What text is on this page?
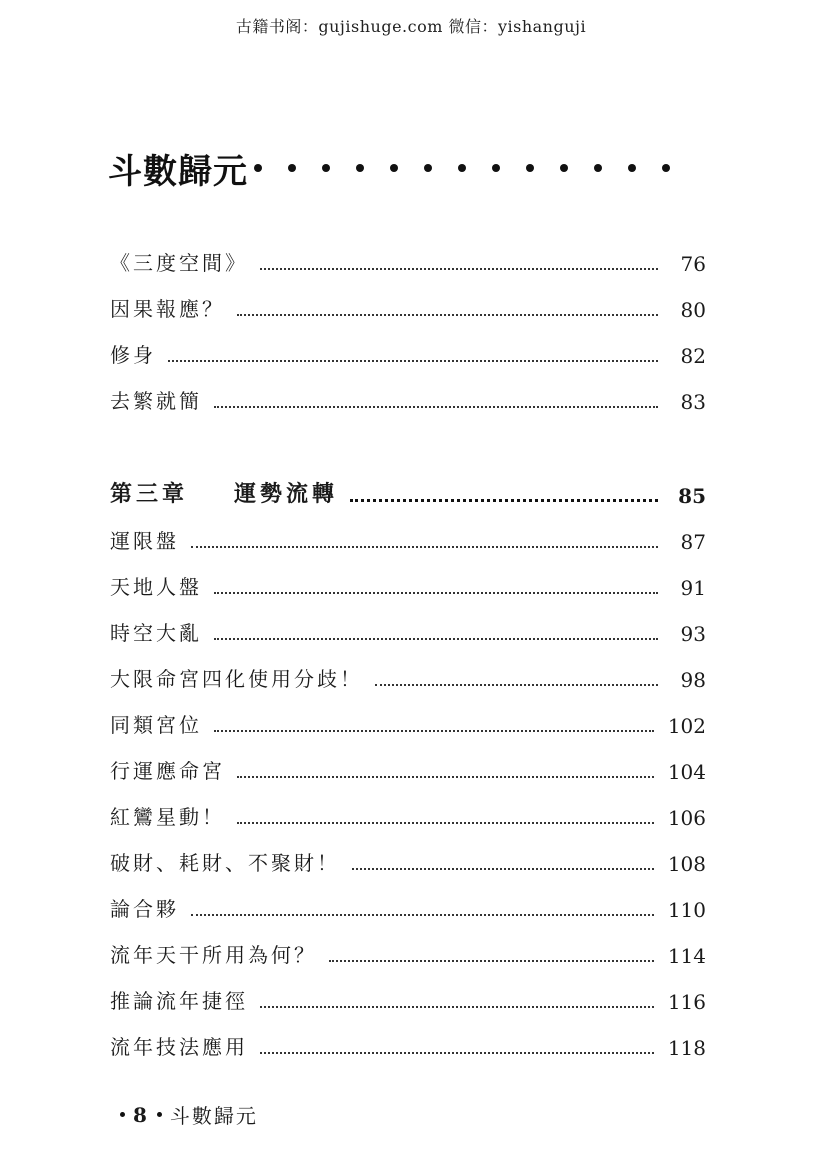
古籍书阁：gujishuge.com 微信：yishanguji
斗數歸元
《三度空間》	76
因果報應？	80
修身	82
去繁就簡	83
第三章 運勢流轉	85
運限盤	87
天地人盤	91
時空大亂	93
大限命宮四化使用分歧！	98
同類宮位	102
行運應命宮	104
紅鸞星動！	106
破財、耗財、不聚財！	108
論合夥	110
流年天干所用為何？	114
推論流年捷徑	116
流年技法應用	118
8 斗數歸元
